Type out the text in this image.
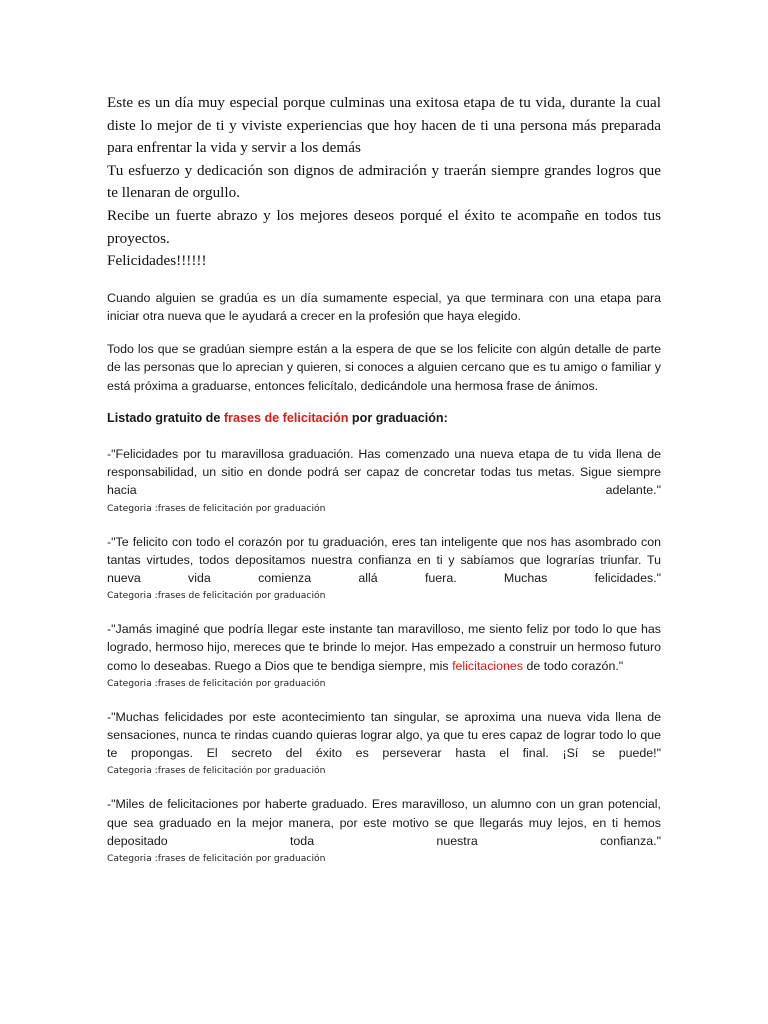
Este es un día muy especial porque culminas una exitosa etapa de tu vida, durante la cual diste lo mejor de ti y viviste experiencias que hoy hacen de ti una persona más preparada para enfrentar la vida y servir a los demás

Tu esfuerzo y dedicación son dignos de admiración y traerán siempre grandes logros que te llenaran de orgullo.

Recibe un fuerte abrazo y los mejores deseos porqué el éxito te acompañe en todos tus proyectos.

Felicidades!!!!!!

Cuando alguien se gradúa es un día sumamente especial, ya que terminara con una etapa para iniciar otra nueva que le ayudará a crecer en la profesión que haya elegido.

Todo los que se gradúan siempre están a la espera de que se los felicite con algún detalle de parte de las personas que lo aprecian y quieren, si conoces a alguien cercano que es tu amigo o familiar y está próxima a graduarse, entonces felicítalo, dedicándole una hermosa frase de ánimos.

Listado gratuito de frases de felicitación por graduación:

-"Felicidades por tu maravillosa graduación. Has comenzado una nueva etapa de tu vida llena de responsabilidad, un sitio en donde podrá ser capaz de concretar todas tus metas. Sigue siempre hacia adelante."

Categoria :frases de felicitación por graduación

-"Te felicito con todo el corazón por tu graduación, eres tan inteligente que nos has asombrado con tantas virtudes, todos depositamos nuestra confianza en ti y sabíamos que lograrías triunfar. Tu nueva vida comienza allá fuera. Muchas felicidades."

Categoria :frases de felicitación por graduación

-"Jamás imaginé que podría llegar este instante tan maravilloso, me siento feliz por todo lo que has logrado, hermoso hijo, mereces que te brinde lo mejor. Has empezado a construir un hermoso futuro como lo deseabas. Ruego a Dios que te bendiga siempre, mis felicitaciones de todo corazón."

Categoria :frases de felicitación por graduación

-"Muchas felicidades por este acontecimiento tan singular, se aproxima una nueva vida llena de sensaciones, nunca te rindas cuando quieras lograr algo, ya que tu eres capaz de lograr todo lo que te propongas. El secreto del éxito es perseverar hasta el final. ¡Sí se puede!"

Categoria :frases de felicitación por graduación

-"Miles de felicitaciones por haberte graduado. Eres maravilloso, un alumno con un gran potencial, que sea graduado en la mejor manera, por este motivo se que llegarás muy lejos, en ti hemos depositado toda nuestra confianza."

Categoria :frases de felicitación por graduación
